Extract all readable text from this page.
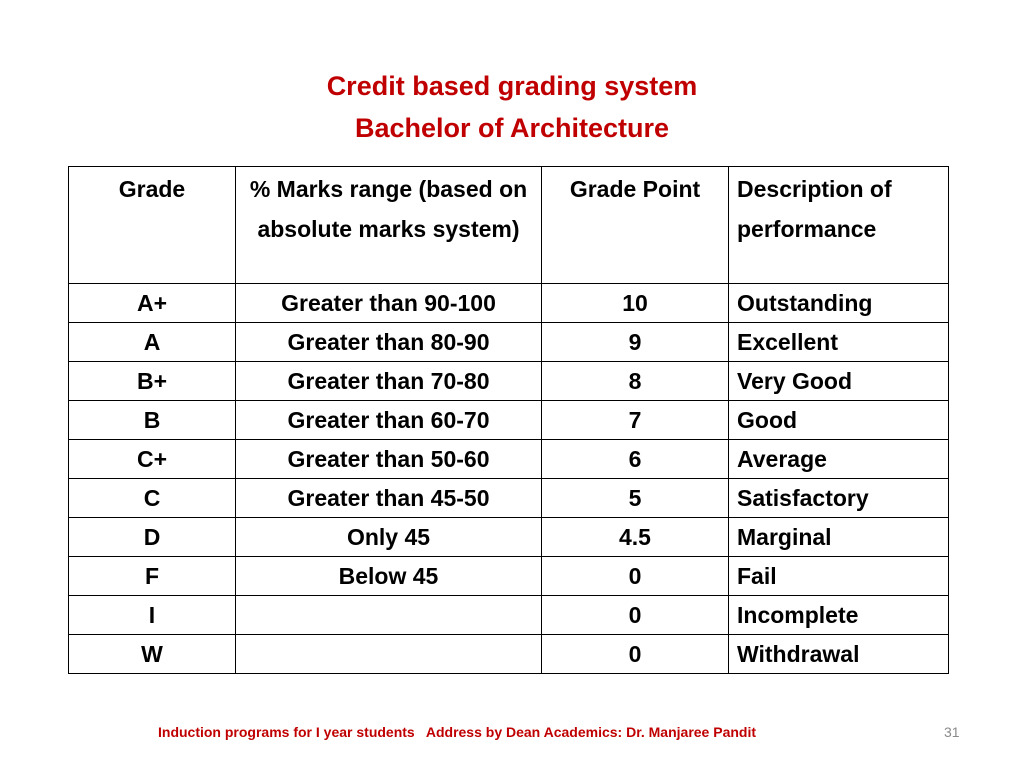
Credit based grading system
Bachelor of Architecture
Grade	% Marks range (based on absolute marks system)	Grade Point	Description of performance
A+	Greater than 90-100	10	Outstanding
A	Greater than 80-90	9	Excellent
B+	Greater than 70-80	8	Very Good
B	Greater than 60-70	7	Good
C+	Greater than 50-60	6	Average
C	Greater than 45-50	5	Satisfactory
D	Only 45	4.5	Marginal
F	Below 45	0	Fail
I		0	Incomplete
W		0	Withdrawal
Induction programs for I year students   Address by Dean Academics: Dr. Manjaree Pandit	31
